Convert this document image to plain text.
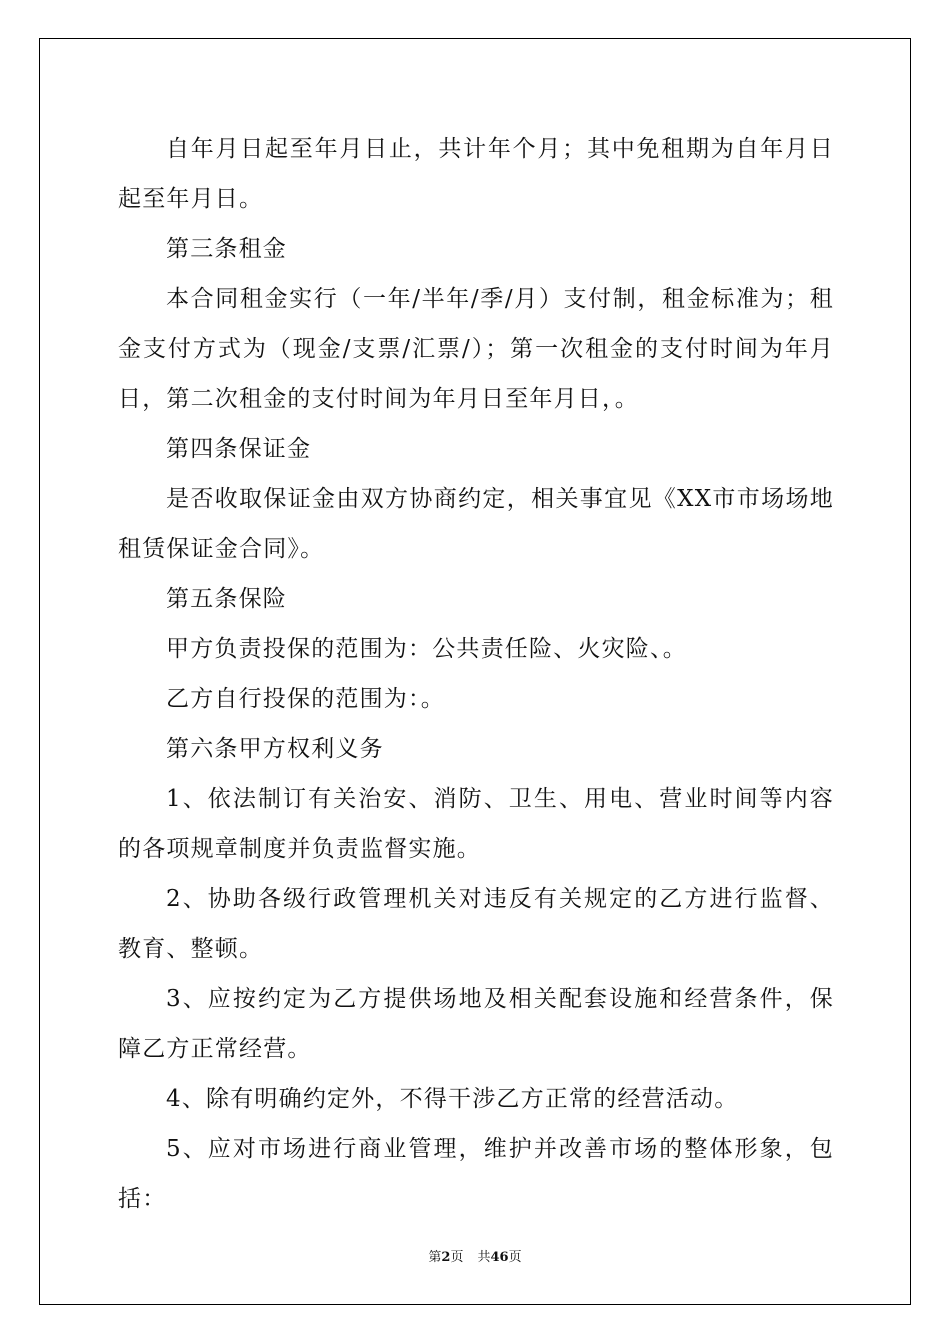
自年月日起至年月日止，共计年个月；其中免租期为自年月日起至年月日。

第三条租金

本合同租金实行（一年/半年/季/月）支付制，租金标准为；租金支付方式为（现金/支票/汇票/）；第一次租金的支付时间为年月日，第二次租金的支付时间为年月日至年月日，。

第四条保证金

是否收取保证金由双方协商约定，相关事宜见《XX市市场场地租赁保证金合同》。

第五条保险

甲方负责投保的范围为：公共责任险、火灾险、。

乙方自行投保的范围为：。

第六条甲方权利义务

1、依法制订有关治安、消防、卫生、用电、营业时间等内容的各项规章制度并负责监督实施。

2、协助各级行政管理机关对违反有关规定的乙方进行监督、教育、整顿。

3、应按约定为乙方提供场地及相关配套设施和经营条件，保障乙方正常经营。

4、除有明确约定外，不得干涉乙方正常的经营活动。

5、应对市场进行商业管理，维护并改善市场的整体形象，包括：

第2页 共46页
